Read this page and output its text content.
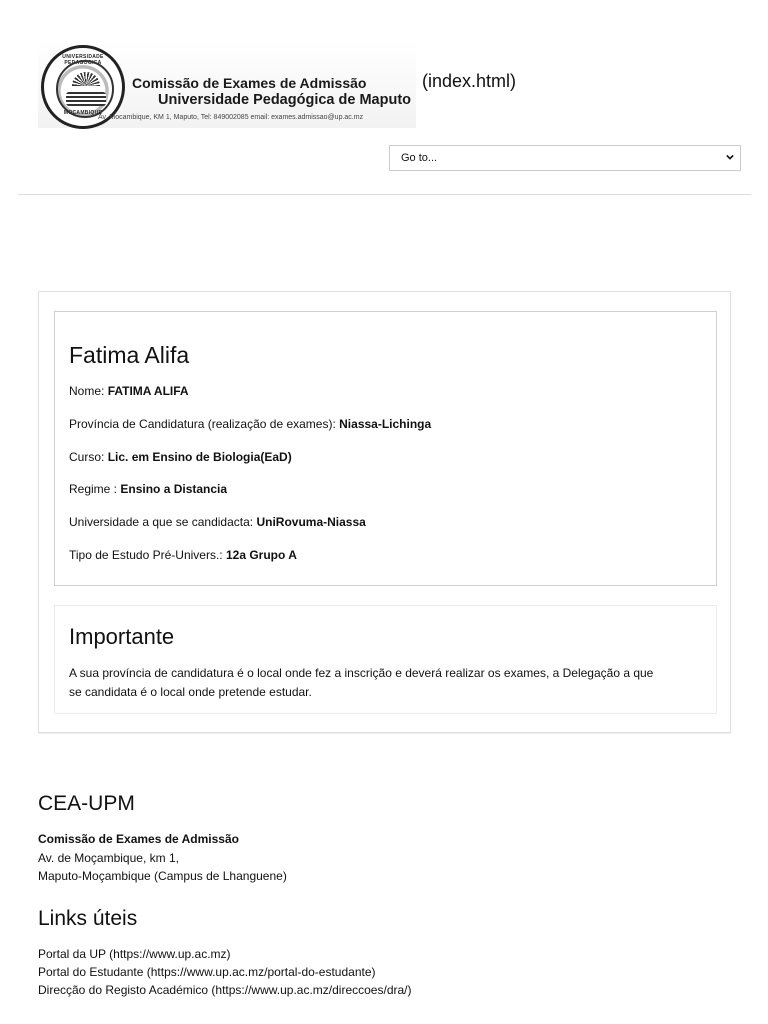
UNIVERSIDADE PEDAGÓGICA
MOÇAMBIQUE
Comissão de Exames de Admissão
Universidade Pedagógica de Maputo
Av. Mocambique, KM 1, Maputo, Tel: 849002085 email: exames.admissao@up.ac.mz
(index.html)
Go to...
Fatima Alifa
Nome: FATIMA ALIFA
Província de Candidatura (realização de exames): Niassa-Lichinga
Curso: Lic. em Ensino de Biologia(EaD)
Regime : Ensino a Distancia
Universidade a que se candidacta: UniRovuma-Niassa
Tipo de Estudo Pré-Univers.: 12a Grupo A
Importante
A sua província de candidatura é o local onde fez a inscrição e deverá realizar os exames, a Delegação a que se candidata é o local onde pretende estudar.
CEA-UPM
Comissão de Exames de Admissão
Av. de Moçambique, km 1,
Maputo-Moçambique (Campus de Lhanguene)
Links úteis
Portal da UP (https://www.up.ac.mz)
Portal do Estudante (https://www.up.ac.mz/portal-do-estudante)
Direcção do Registo Académico (https://www.up.ac.mz/direccoes/dra/)
